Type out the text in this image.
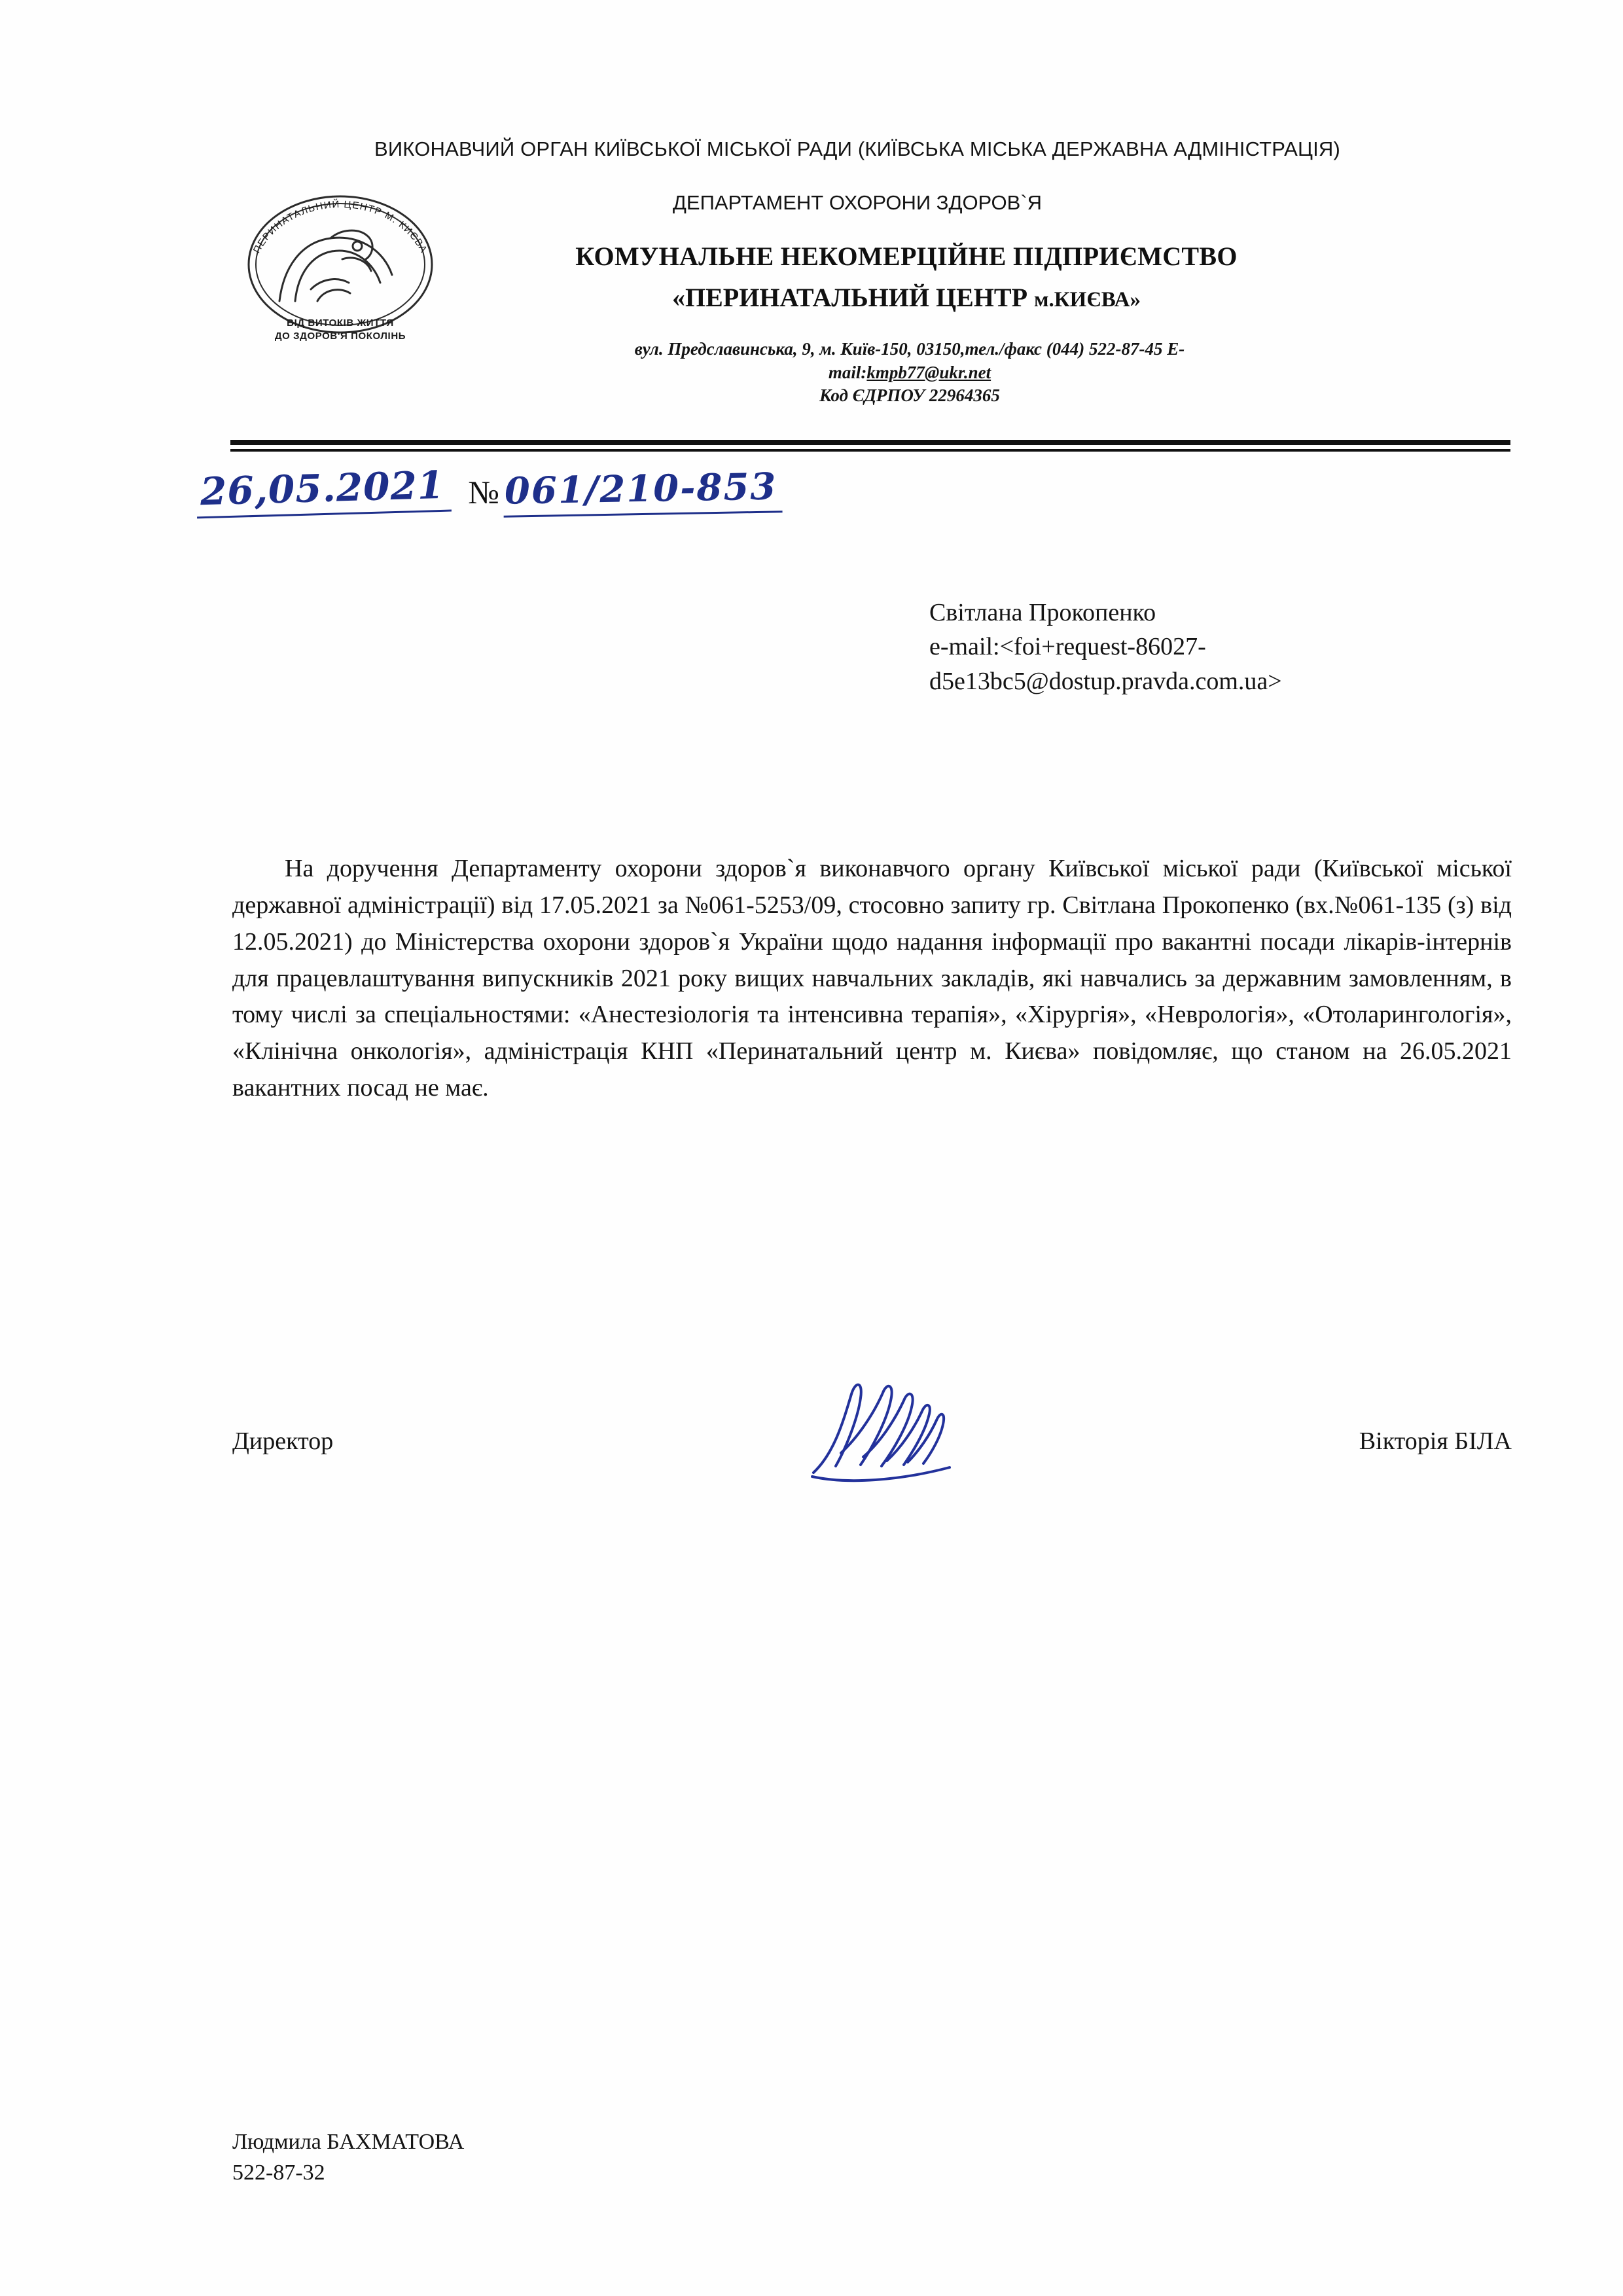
ВИКОНАВЧИЙ ОРГАН КИЇВСЬКОЇ МІСЬКОЇ РАДИ (КИЇВСЬКА МІСЬКА ДЕРЖАВНА АДМІНІСТРАЦІЯ)
ДЕПАРТАМЕНТ ОХОРОНИ ЗДОРОВ`Я
КОМУНАЛЬНЕ НЕКОМЕРЦІЙНЕ ПІДПРИЄМСТВО
«ПЕРИНАТАЛЬНИЙ ЦЕНТР м.КИЄВА»
вул. Предславинська, 9, м. Київ-150, 03150,тел./факс (044) 522-87-45 E-
mail:kmpb77@ukr.net
Код ЄДРПОУ 22964365
ПЕРИНАТАЛЬНИЙ ЦЕНТР М. КИЄВА
ВІД ВИТОКІВ ЖИТТЯ
ДО ЗДОРОВ'Я ПОКОЛІНЬ
26,05.2021 № 061/210-853
Світлана Прокопенко
e-mail:<foi+request-86027-
d5e13bc5@dostup.pravda.com.ua>
На доручення Департаменту охорони здоров`я виконавчого органу Київської міської ради (Київської міської державної адміністрації) від 17.05.2021 за №061-5253/09, стосовно запиту гр. Світлана Прокопенко (вх.№061-135 (з) від 12.05.2021) до Міністерства охорони здоров`я України щодо надання інформації про вакантні посади лікарів-інтернів для працевлаштування випускників 2021 року вищих навчальних закладів, які навчались за державним замовленням, в тому числі за спеціальностями: «Анестезіологія та інтенсивна терапія», «Хірургія», «Неврологія», «Отоларингологія», «Клінічна онкологія», адміністрація КНП «Перинатальний центр м. Києва» повідомляє, що станом на 26.05.2021 вакантних посад не має.
Директор	Вікторія БІЛА
Людмила БАХМАТОВА
522-87-32
